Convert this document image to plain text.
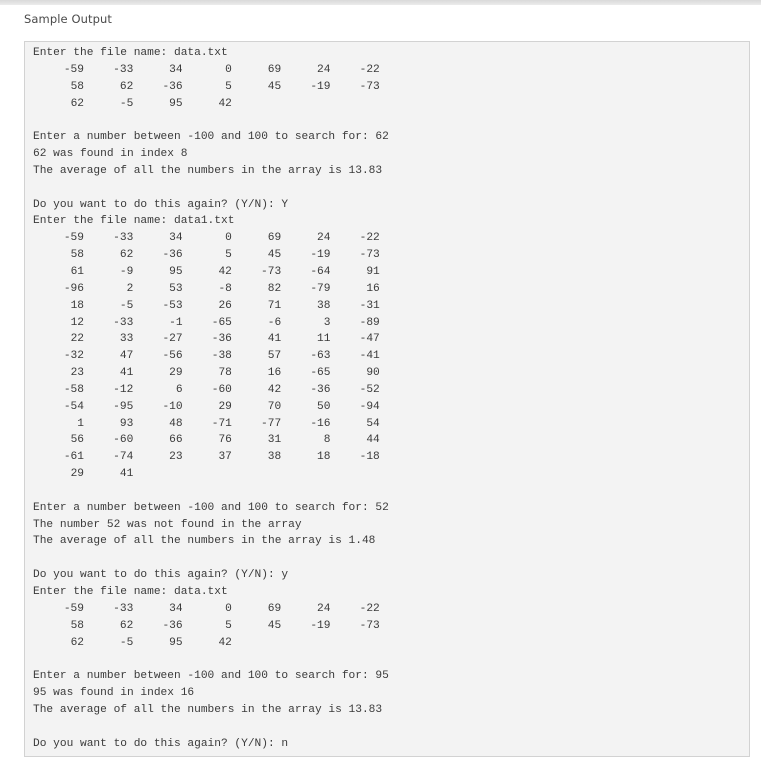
Sample Output
Enter the file name: data.txt
-59	-33	34	0	69	24	-22
58	62	-36	5	45	-19	-73
62	-5	95	42
Enter a number between -100 and 100 to search for: 62
62 was found in index 8
The average of all the numbers in the array is 13.83
Do you want to do this again? (Y/N): Y
Enter the file name: data1.txt
-59	-33	34	0	69	24	-22
58	62	-36	5	45	-19	-73
61	-9	95	42	-73	-64	91
-96	2	53	-8	82	-79	16
18	-5	-53	26	71	38	-31
12	-33	-1	-65	-6	3	-89
22	33	-27	-36	41	11	-47
-32	47	-56	-38	57	-63	-41
23	41	29	78	16	-65	90
-58	-12	6	-60	42	-36	-52
-54	-95	-10	29	70	50	-94
1	93	48	-71	-77	-16	54
56	-60	66	76	31	8	44
-61	-74	23	37	38	18	-18
29	41
Enter a number between -100 and 100 to search for: 52
The number 52 was not found in the array
The average of all the numbers in the array is 1.48
Do you want to do this again? (Y/N): y
Enter the file name: data.txt
-59	-33	34	0	69	24	-22
58	62	-36	5	45	-19	-73
62	-5	95	42
Enter a number between -100 and 100 to search for: 95
95 was found in index 16
The average of all the numbers in the array is 13.83
Do you want to do this again? (Y/N): n
